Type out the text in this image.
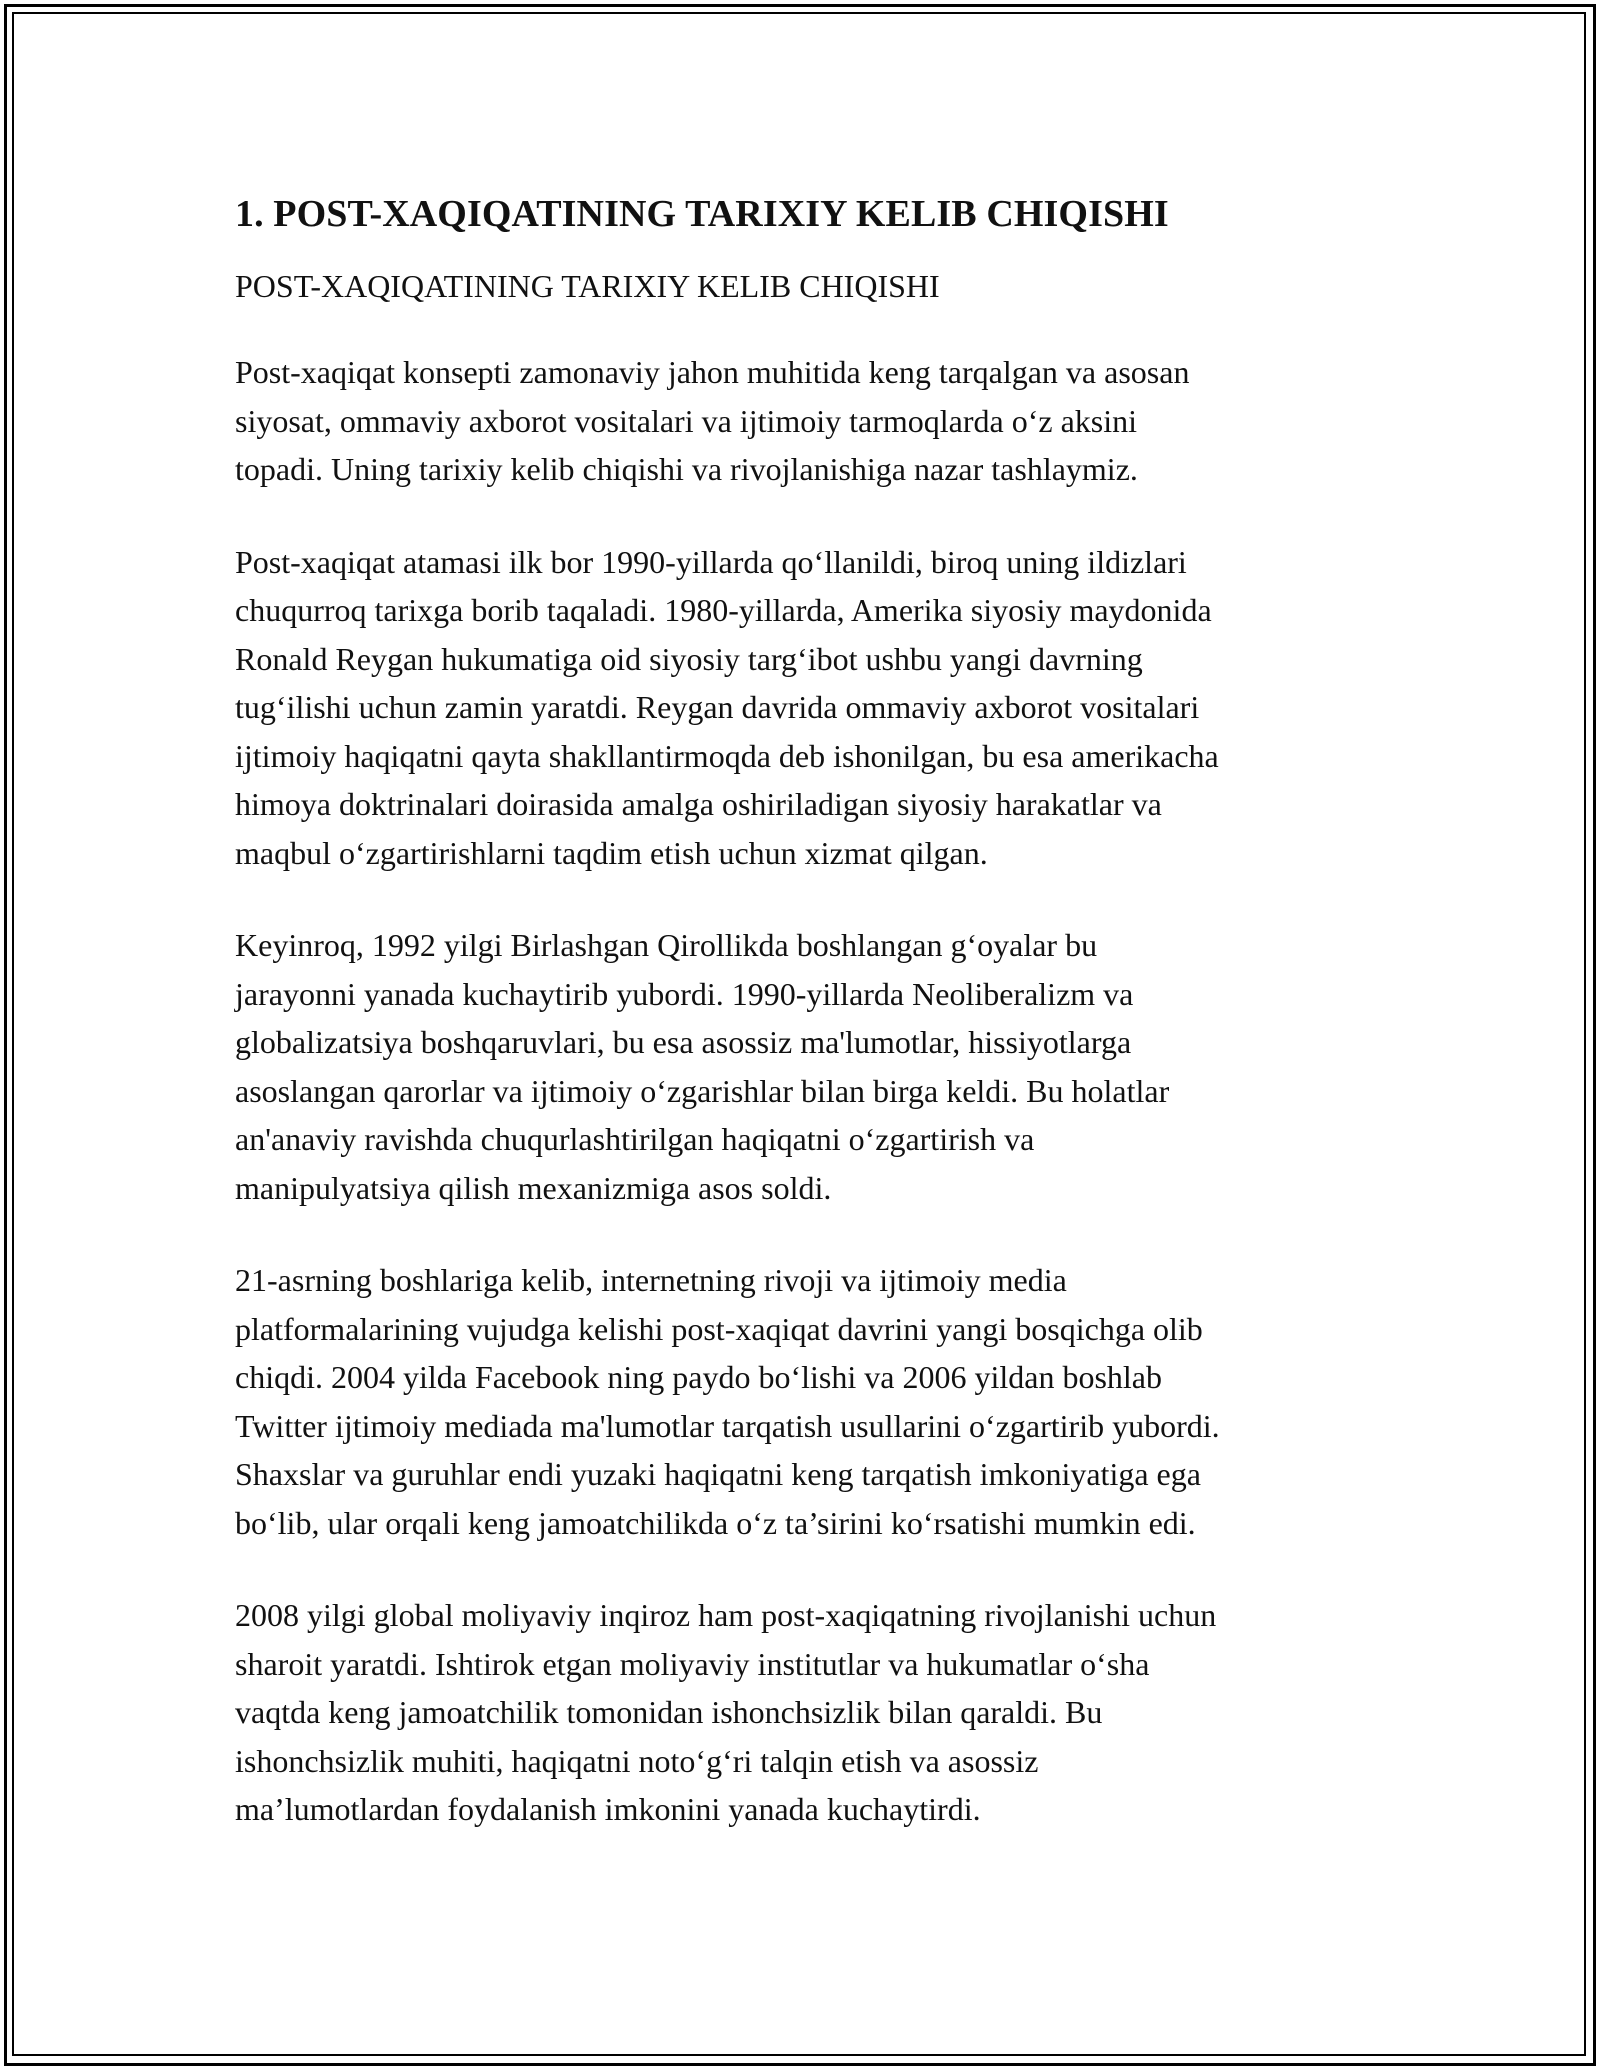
1. POST-XAQIQATINING TARIXIY KELIB CHIQISHI

POST-XAQIQATINING TARIXIY KELIB CHIQISHI

Post-xaqiqat konsepti zamonaviy jahon muhitida keng tarqalgan va asosan
siyosat, ommaviy axborot vositalari va ijtimoiy tarmoqlarda o‘z aksini
topadi. Uning tarixiy kelib chiqishi va rivojlanishiga nazar tashlaymiz.

Post-xaqiqat atamasi ilk bor 1990-yillarda qo‘llanildi, biroq uning ildizlari
chuqurroq tarixga borib taqaladi. 1980-yillarda, Amerika siyosiy maydonida
Ronald Reygan hukumatiga oid siyosiy targ‘ibot ushbu yangi davrning
tug‘ilishi uchun zamin yaratdi. Reygan davrida ommaviy axborot vositalari
ijtimoiy haqiqatni qayta shakllantirmoqda deb ishonilgan, bu esa amerikacha
himoya doktrinalari doirasida amalga oshiriladigan siyosiy harakatlar va
maqbul o‘zgartirishlarni taqdim etish uchun xizmat qilgan.

Keyinroq, 1992 yilgi Birlashgan Qirollikda boshlangan g‘oyalar bu
jarayonni yanada kuchaytirib yubordi. 1990-yillarda Neoliberalizm va
globalizatsiya boshqaruvlari, bu esa asossiz ma'lumotlar, hissiyotlarga
asoslangan qarorlar va ijtimoiy o‘zgarishlar bilan birga keldi. Bu holatlar
an'anaviy ravishda chuqurlashtirilgan haqiqatni o‘zgartirish va
manipulyatsiya qilish mexanizmiga asos soldi.

21-asrning boshlariga kelib, internetning rivoji va ijtimoiy media
platformalarining vujudga kelishi post-xaqiqat davrini yangi bosqichga olib
chiqdi. 2004 yilda Facebook ning paydo bo‘lishi va 2006 yildan boshlab
Twitter ijtimoiy mediada ma'lumotlar tarqatish usullarini o‘zgartirib yubordi.
Shaxslar va guruhlar endi yuzaki haqiqatni keng tarqatish imkoniyatiga ega
bo‘lib, ular orqali keng jamoatchilikda o‘z ta’sirini ko‘rsatishi mumkin edi.

2008 yilgi global moliyaviy inqiroz ham post-xaqiqatning rivojlanishi uchun
sharoit yaratdi. Ishtirok etgan moliyaviy institutlar va hukumatlar o‘sha
vaqtda keng jamoatchilik tomonidan ishonchsizlik bilan qaraldi. Bu
ishonchsizlik muhiti, haqiqatni noto‘g‘ri talqin etish va asossiz
ma’lumotlardan foydalanish imkonini yanada kuchaytirdi.
